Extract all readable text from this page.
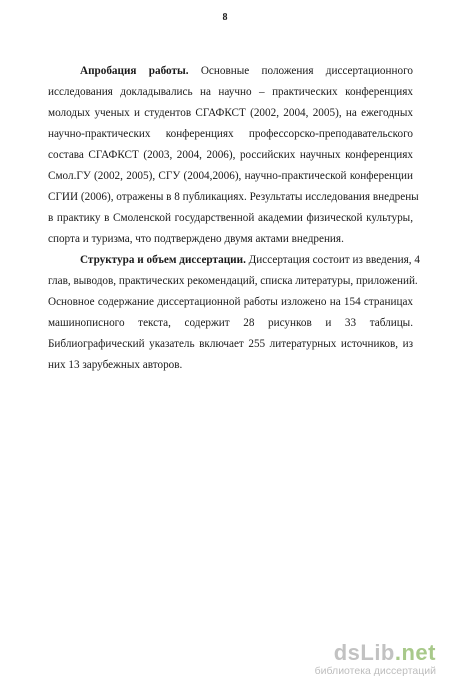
8
Апробация работы. Основные положения диссертационного
исследования докладывались на научно – практических конференциях
молодых ученых и студентов СГАФКСТ (2002, 2004, 2005), на ежегодных
научно-практических конференциях профессорско-преподавательского
состава СГАФКСТ (2003, 2004, 2006), российских научных конференциях
Смол.ГУ (2002, 2005), СГУ (2004,2006), научно-практической конференции
СГИИ (2006), отражены в 8 публикациях. Результаты исследования внедрены
в практику в Смоленской государственной академии физической культуры,
спорта и туризма, что подтверждено двумя актами внедрения.
Структура и объем диссертации. Диссертация состоит из введения, 4
глав, выводов, практических рекомендаций, списка литературы, приложений.
Основное содержание диссертационной работы изложено на 154 страницах
машинописного текста, содержит 28 рисунков и 33 таблицы.
Библиографический указатель включает 255 литературных источников, из
них 13 зарубежных авторов.
dsLib.net
библиотека диссертаций
